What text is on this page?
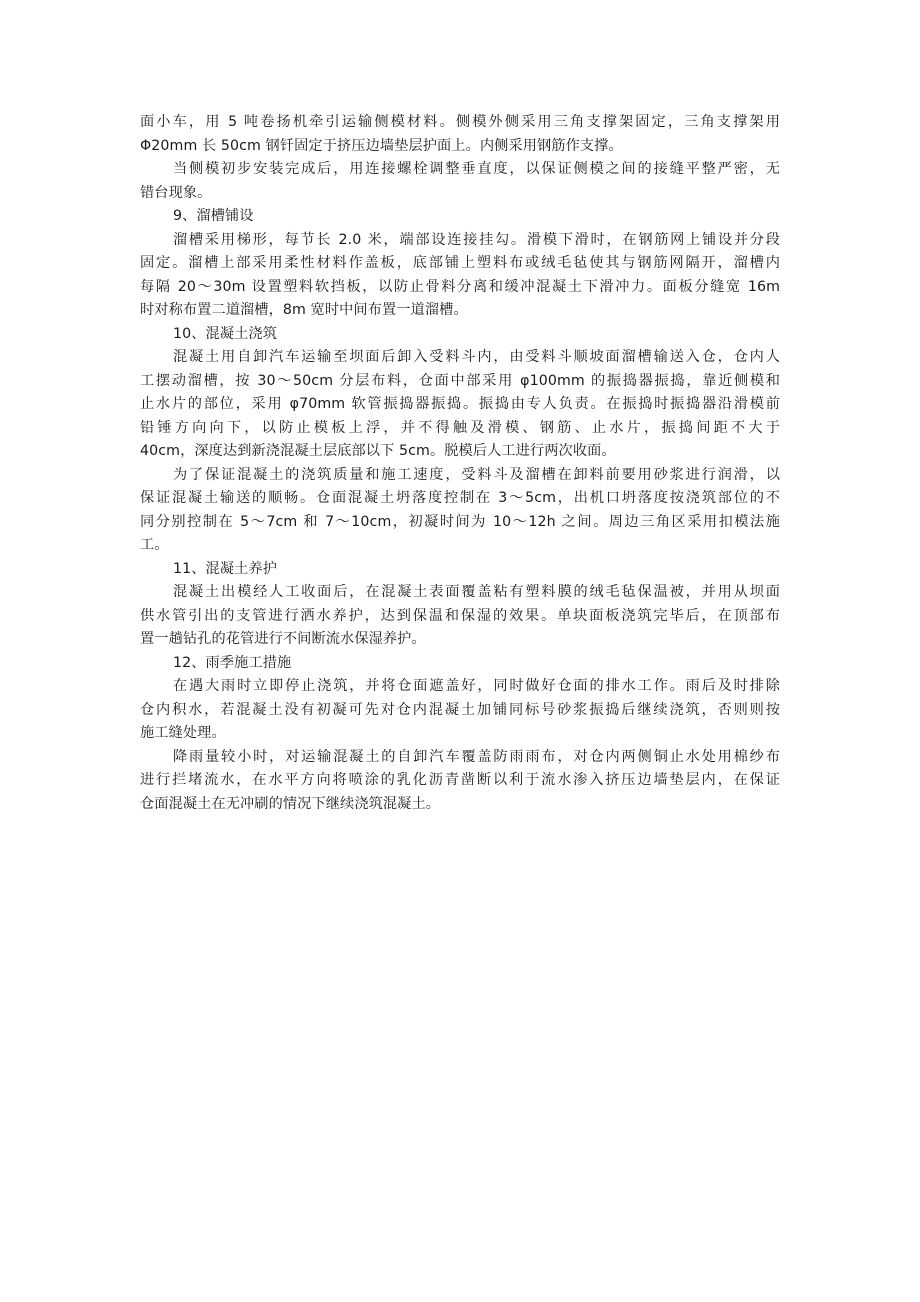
面小车，用 5 吨卷扬机牵引运输侧模材料。侧模外侧采用三角支撑架固定，三角支撑架用
Φ20mm 长 50cm 钢钎固定于挤压边墙垫层护面上。内侧采用钢筋作支撑。
当侧模初步安装完成后，用连接螺栓调整垂直度，以保证侧模之间的接缝平整严密，无
错台现象。
9、溜槽铺设
溜槽采用梯形，每节长 2.0 米，端部设连接挂勾。滑模下滑时，在钢筋网上铺设并分段
固定。溜槽上部采用柔性材料作盖板，底部铺上塑料布或绒毛毡使其与钢筋网隔开，溜槽内
每隔 20～30m 设置塑料软挡板，以防止骨料分离和缓冲混凝土下滑冲力。面板分缝宽 16m
时对称布置二道溜槽，8m 宽时中间布置一道溜槽。
10、混凝土浇筑
混凝土用自卸汽车运输至坝面后卸入受料斗内，由受料斗顺坡面溜槽输送入仓，仓内人
工摆动溜槽，按 30～50cm 分层布料，仓面中部采用 φ100mm 的振捣器振捣，靠近侧模和
止水片的部位，采用 φ70mm 软管振捣器振捣。振捣由专人负责。在振捣时振捣器沿滑模前
铅锤方向向下，以防止模板上浮，并不得触及滑模、钢筋、止水片，振捣间距不大于
40cm，深度达到新浇混凝土层底部以下 5cm。脱模后人工进行两次收面。
为了保证混凝土的浇筑质量和施工速度，受料斗及溜槽在卸料前要用砂浆进行润滑，以
保证混凝土输送的顺畅。仓面混凝土坍落度控制在 3～5cm，出机口坍落度按浇筑部位的不
同分别控制在 5～7cm 和 7～10cm，初凝时间为 10～12h 之间。周边三角区采用扣模法施
工。
11、混凝土养护
混凝土出模经人工收面后，在混凝土表面覆盖粘有塑料膜的绒毛毡保温被，并用从坝面
供水管引出的支管进行洒水养护，达到保温和保湿的效果。单块面板浇筑完毕后，在顶部布
置一趟钻孔的花管进行不间断流水保湿养护。
12、雨季施工措施
在遇大雨时立即停止浇筑，并将仓面遮盖好，同时做好仓面的排水工作。雨后及时排除
仓内积水，若混凝土没有初凝可先对仓内混凝土加铺同标号砂浆振捣后继续浇筑，否则则按
施工缝处理。
降雨量较小时，对运输混凝土的自卸汽车覆盖防雨雨布，对仓内两侧铜止水处用棉纱布
进行拦堵流水，在水平方向将喷涂的乳化沥青凿断以利于流水渗入挤压边墙垫层内，在保证
仓面混凝土在无冲刷的情况下继续浇筑混凝土。
